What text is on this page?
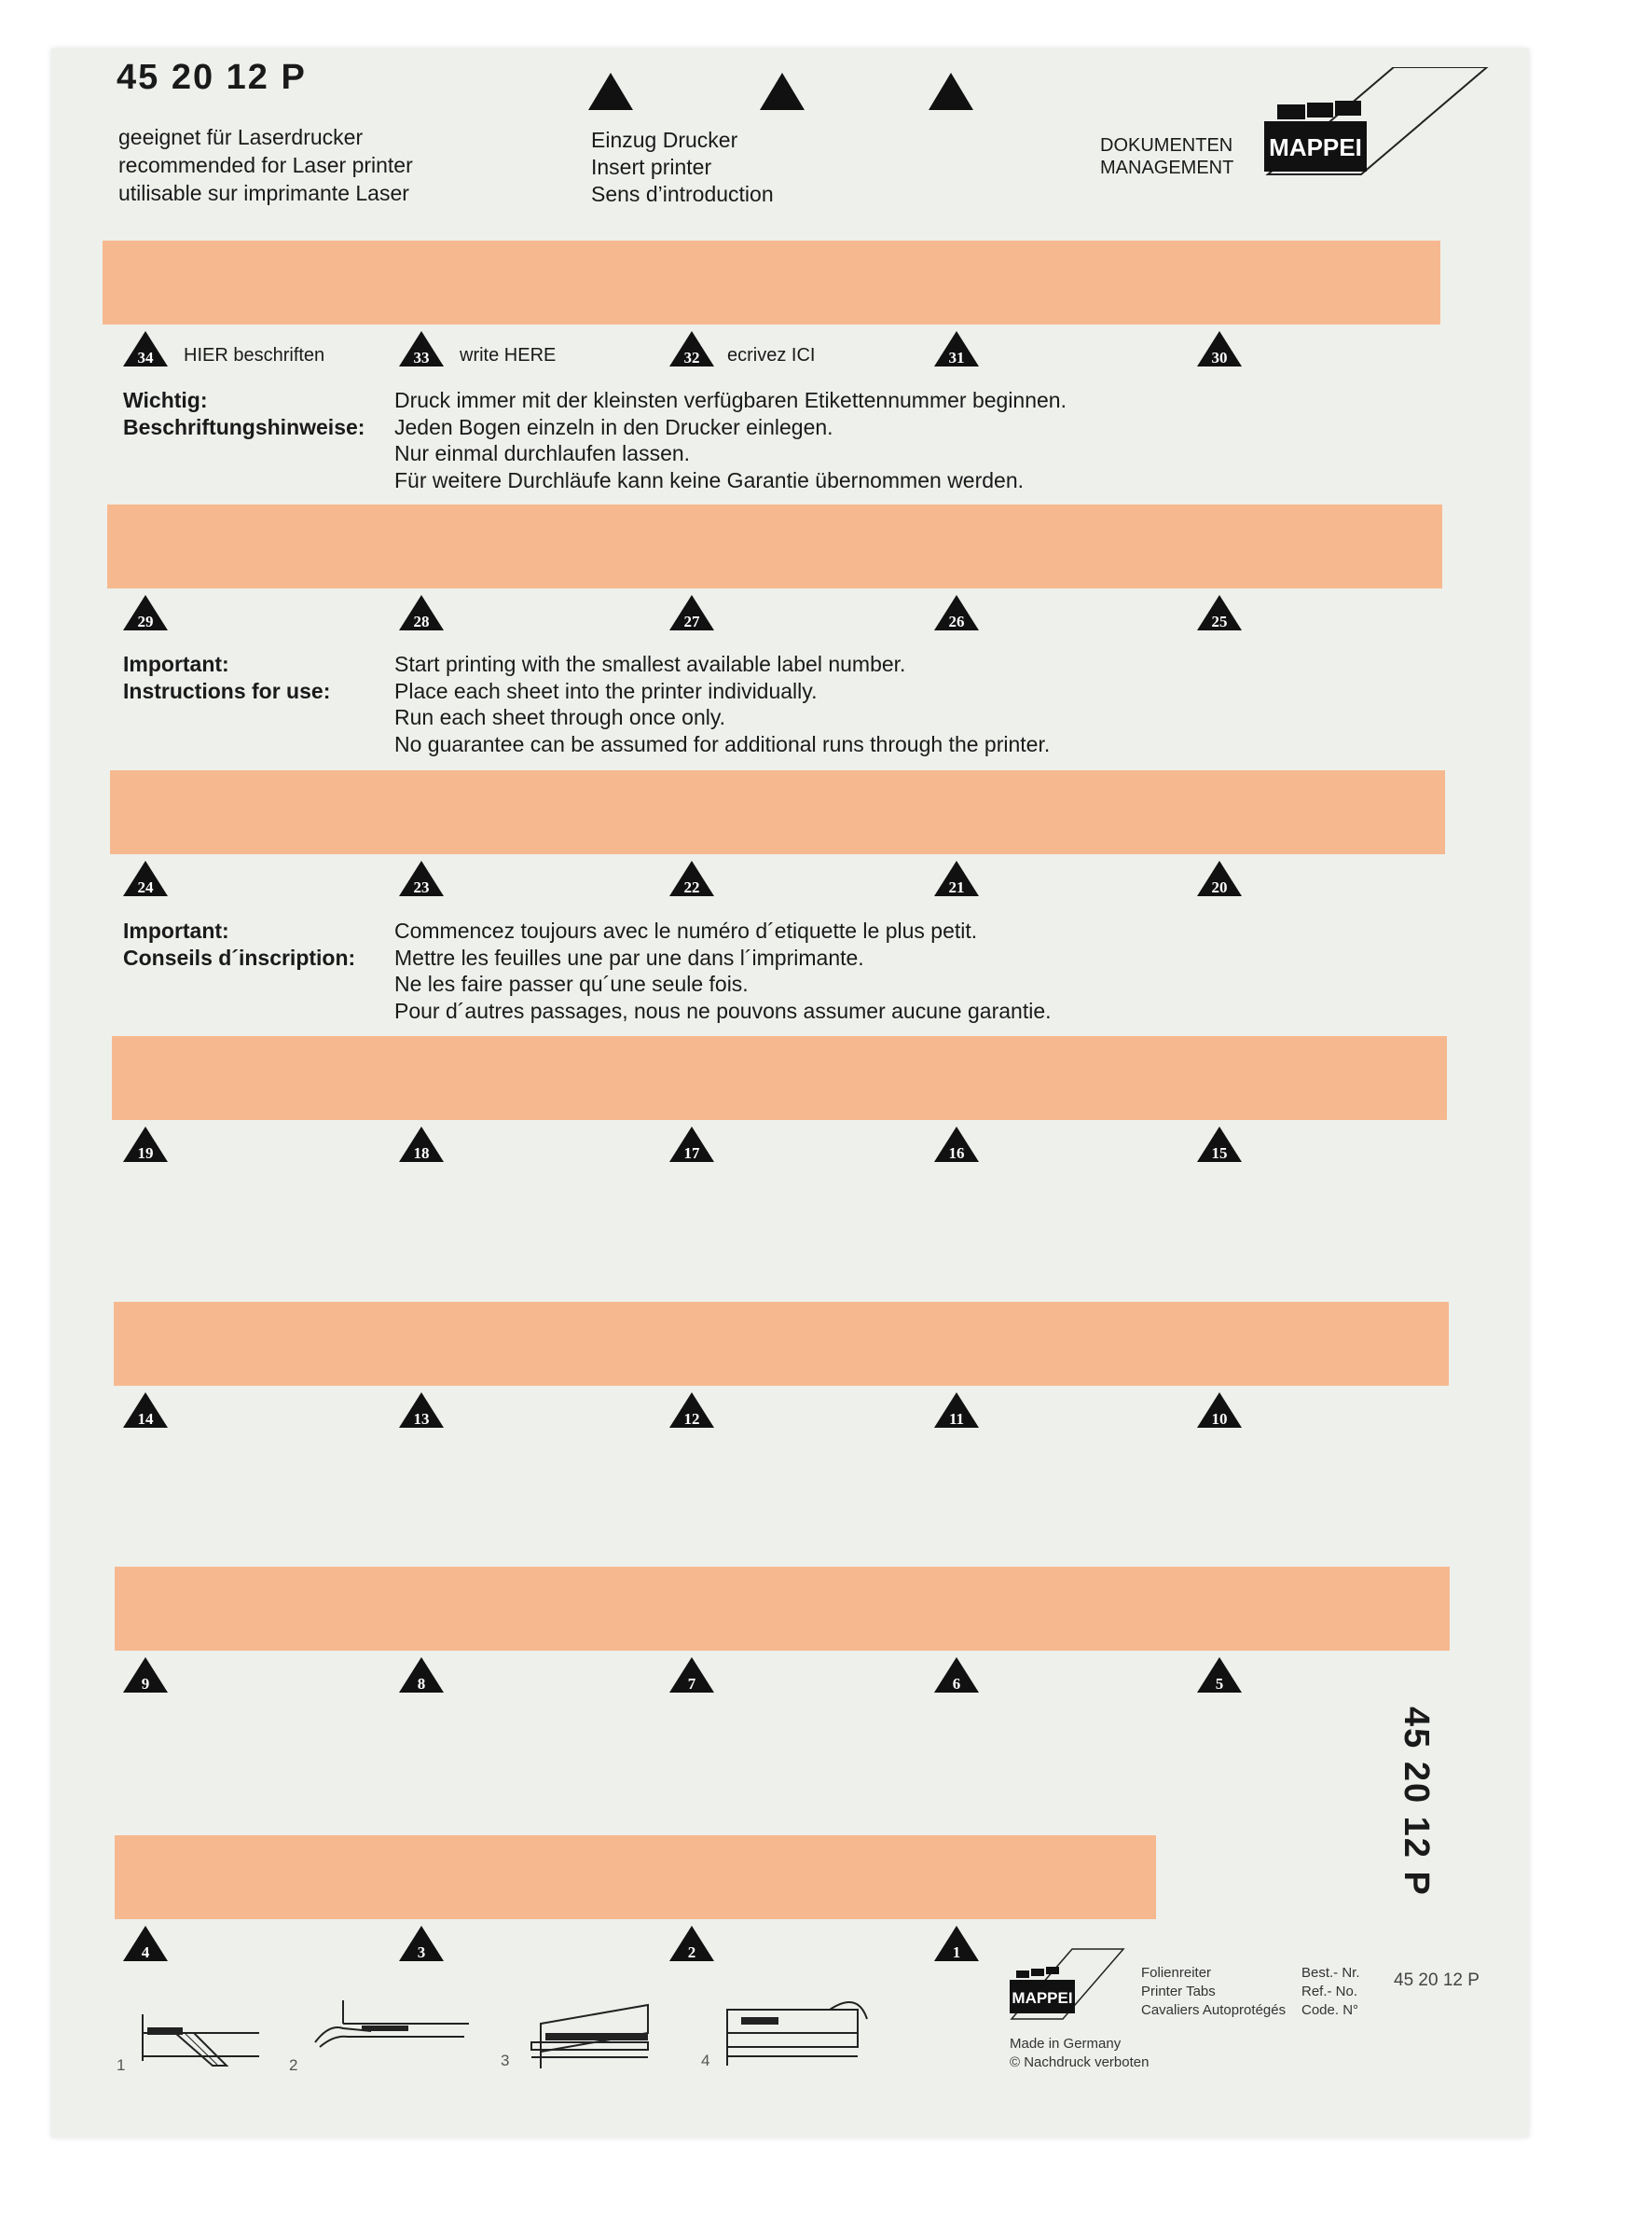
45 20 12 P
geeignet für Laserdrucker
recommended for Laser printer
utilisable sur imprimante Laser
Einzug Drucker
Insert printer
Sens d’introduction
DOKUMENTEN
MANAGEMENT
MAPPEI
34	33	32	31	30
29	28	27	26	25
24	23	22	21	20
19	18	17	16	15
14	13	12	11	10
9	8	7	6	5
4	3	2	1
HIER beschriften	write HERE	ecrivez ICI
Wichtig:
Beschriftungshinweise:
Druck immer mit der kleinsten verfügbaren Etikettennummer beginnen.
Jeden Bogen einzeln in den Drucker einlegen.
Nur einmal durchlaufen lassen.
Für weitere Durchläufe kann keine Garantie übernommen werden.
Important:
Instructions for use:
Start printing with the smallest available label number.
Place each sheet into the printer individually.
Run each sheet through once only.
No guarantee can be assumed for additional runs through the printer.
Important:
Conseils d´inscription:
Commencez toujours avec le numéro d´etiquette le plus petit.
Mettre les feuilles une par une dans l´imprimante.
Ne les faire passer qu´une seule fois.
Pour d´autres passages, nous ne pouvons assumer aucune garantie.
45 20 12 P
1	2	3	4
MAPPEI
Made in Germany
© Nachdruck verboten
Folienreiter
Printer Tabs
Cavaliers Autoprotégés
Best.- Nr.
Ref.- No.
Code. N°
45 20 12 P
